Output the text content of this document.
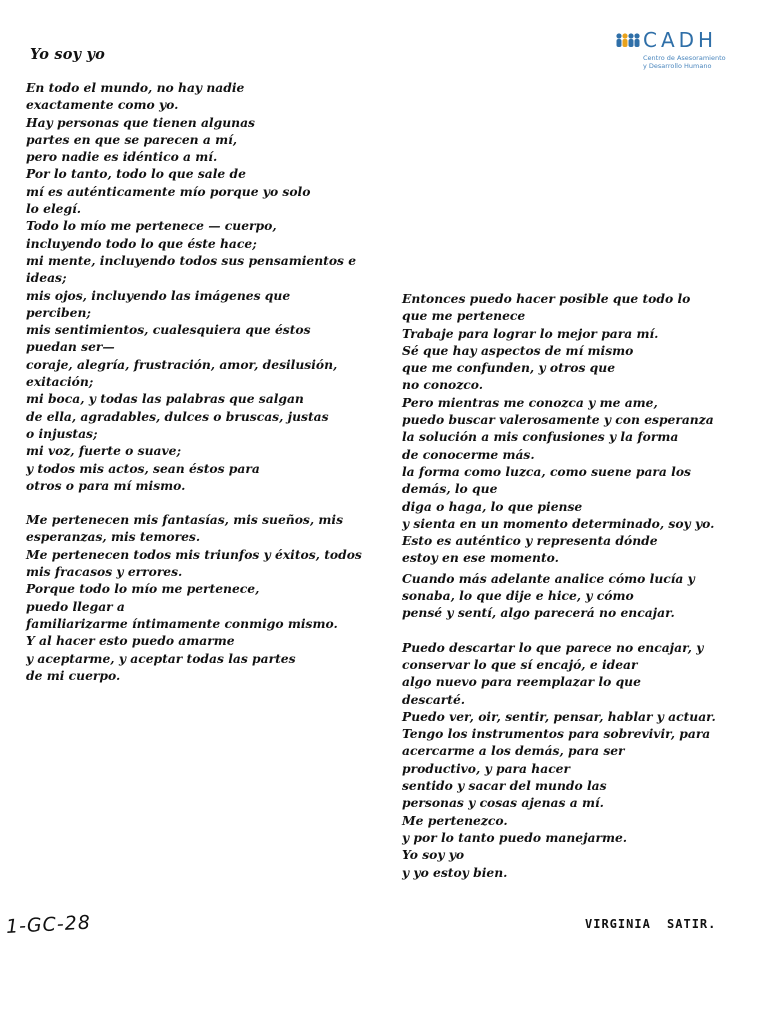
CADH
Centro de Asesoramiento
y Desarrollo Humano
Yo soy yo
En todo el mundo, no hay nadie
exactamente como yo.
Hay personas que tienen algunas
partes en que se parecen a mí,
pero nadie es idéntico a mí.
Por lo tanto, todo lo que sale de
mí es auténticamente mío porque yo solo
lo elegí.
Todo lo mío me pertenece — cuerpo,
incluyendo todo lo que éste hace;
mi mente, incluyendo todos sus pensamientos e
ideas;
mis ojos, incluyendo las imágenes que
perciben;
mis sentimientos, cualesquiera que éstos
puedan ser—
coraje, alegría, frustración, amor, desilusión,
exitación;
mi boca, y todas las palabras que salgan
de ella, agradables, dulces o bruscas, justas
o injustas;
mi voz, fuerte o suave;
y todos mis actos, sean éstos para
otros o para mí mismo.
Me pertenecen mis fantasías, mis sueños, mis
esperanzas, mis temores.
Me pertenecen todos mis triunfos y éxitos, todos
mis fracasos y errores.
Porque todo lo mío me pertenece,
puedo llegar a
familiarizarme íntimamente conmigo mismo.
Y al hacer esto puedo amarme
y aceptarme, y aceptar todas las partes
de mi cuerpo.
Entonces puedo hacer posible que todo lo
que me pertenece
Trabaje para lograr lo mejor para mí.
Sé que hay aspectos de mí mismo
que me confunden, y otros que
no conozco.
Pero mientras me conozca y me ame,
puedo buscar valerosamente y con esperanza
la solución a mis confusiones y la forma
de conocerme más.
la forma como luzca, como suene para los
demás, lo que
diga o haga, lo que piense
y sienta en un momento determinado, soy yo.
Esto es auténtico y representa dónde
estoy en ese momento.
Cuando más adelante analice cómo lucía y
sonaba, lo que dije e hice, y cómo
pensé y sentí, algo parecerá no encajar.
Puedo descartar lo que parece no encajar, y
conservar lo que sí encajó, e idear
algo nuevo para reemplazar lo que
descarté.
Puedo ver, oir, sentir, pensar, hablar y actuar.
Tengo los instrumentos para sobrevivir, para
acercarme a los demás, para ser
productivo, y para hacer
sentido y sacar del mundo las
personas y cosas ajenas a mí.
Me pertenezco.
y por lo tanto puedo manejarme.
Yo soy yo
y yo estoy bien.
VIRGINIA SATIR.
1-GC-28
